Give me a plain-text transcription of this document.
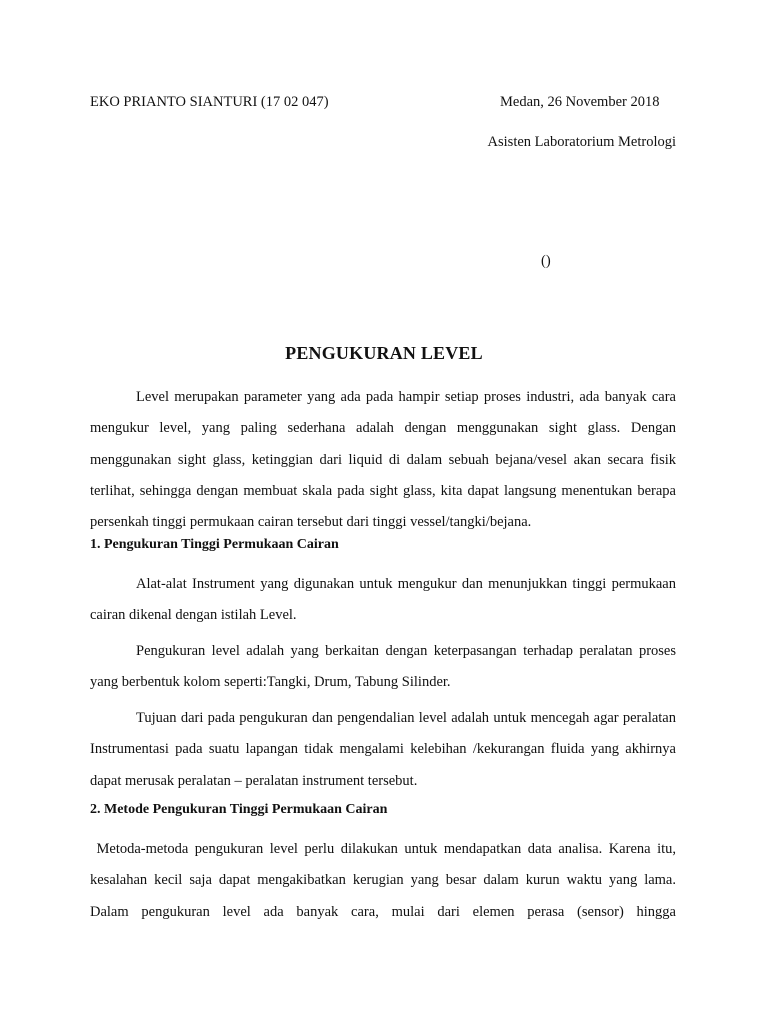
EKO PRIANTO SIANTURI (17 02 047)	Medan, 26 November 2018
Asisten Laboratorium Metrologi
()
PENGUKURAN LEVEL
Level merupakan parameter yang ada pada hampir setiap proses industri, ada banyak cara mengukur level, yang paling sederhana adalah dengan menggunakan sight glass. Dengan menggunakan sight glass, ketinggian dari liquid di dalam sebuah bejana/vesel akan secara fisik terlihat, sehingga dengan membuat skala pada sight glass, kita dapat langsung menentukan berapa persenkah tinggi permukaan cairan tersebut dari tinggi vessel/tangki/bejana.
1. Pengukuran Tinggi Permukaan Cairan
Alat-alat Instrument yang digunakan untuk mengukur dan menunjukkan tinggi permukaan cairan dikenal dengan istilah Level.
Pengukuran level adalah yang berkaitan dengan keterpasangan terhadap peralatan proses yang berbentuk kolom seperti:Tangki, Drum, Tabung Silinder.
Tujuan dari pada pengukuran dan pengendalian level adalah untuk mencegah agar peralatan Instrumentasi pada suatu lapangan tidak mengalami kelebihan /kekurangan fluida yang akhirnya dapat merusak peralatan – peralatan instrument tersebut.
2. Metode Pengukuran Tinggi Permukaan Cairan
Metoda-metoda pengukuran level perlu dilakukan untuk mendapatkan data analisa. Karena itu, kesalahan kecil saja dapat mengakibatkan kerugian yang besar dalam kurun waktu yang lama. Dalam pengukuran level ada banyak cara, mulai dari elemen perasa (sensor) hingga
